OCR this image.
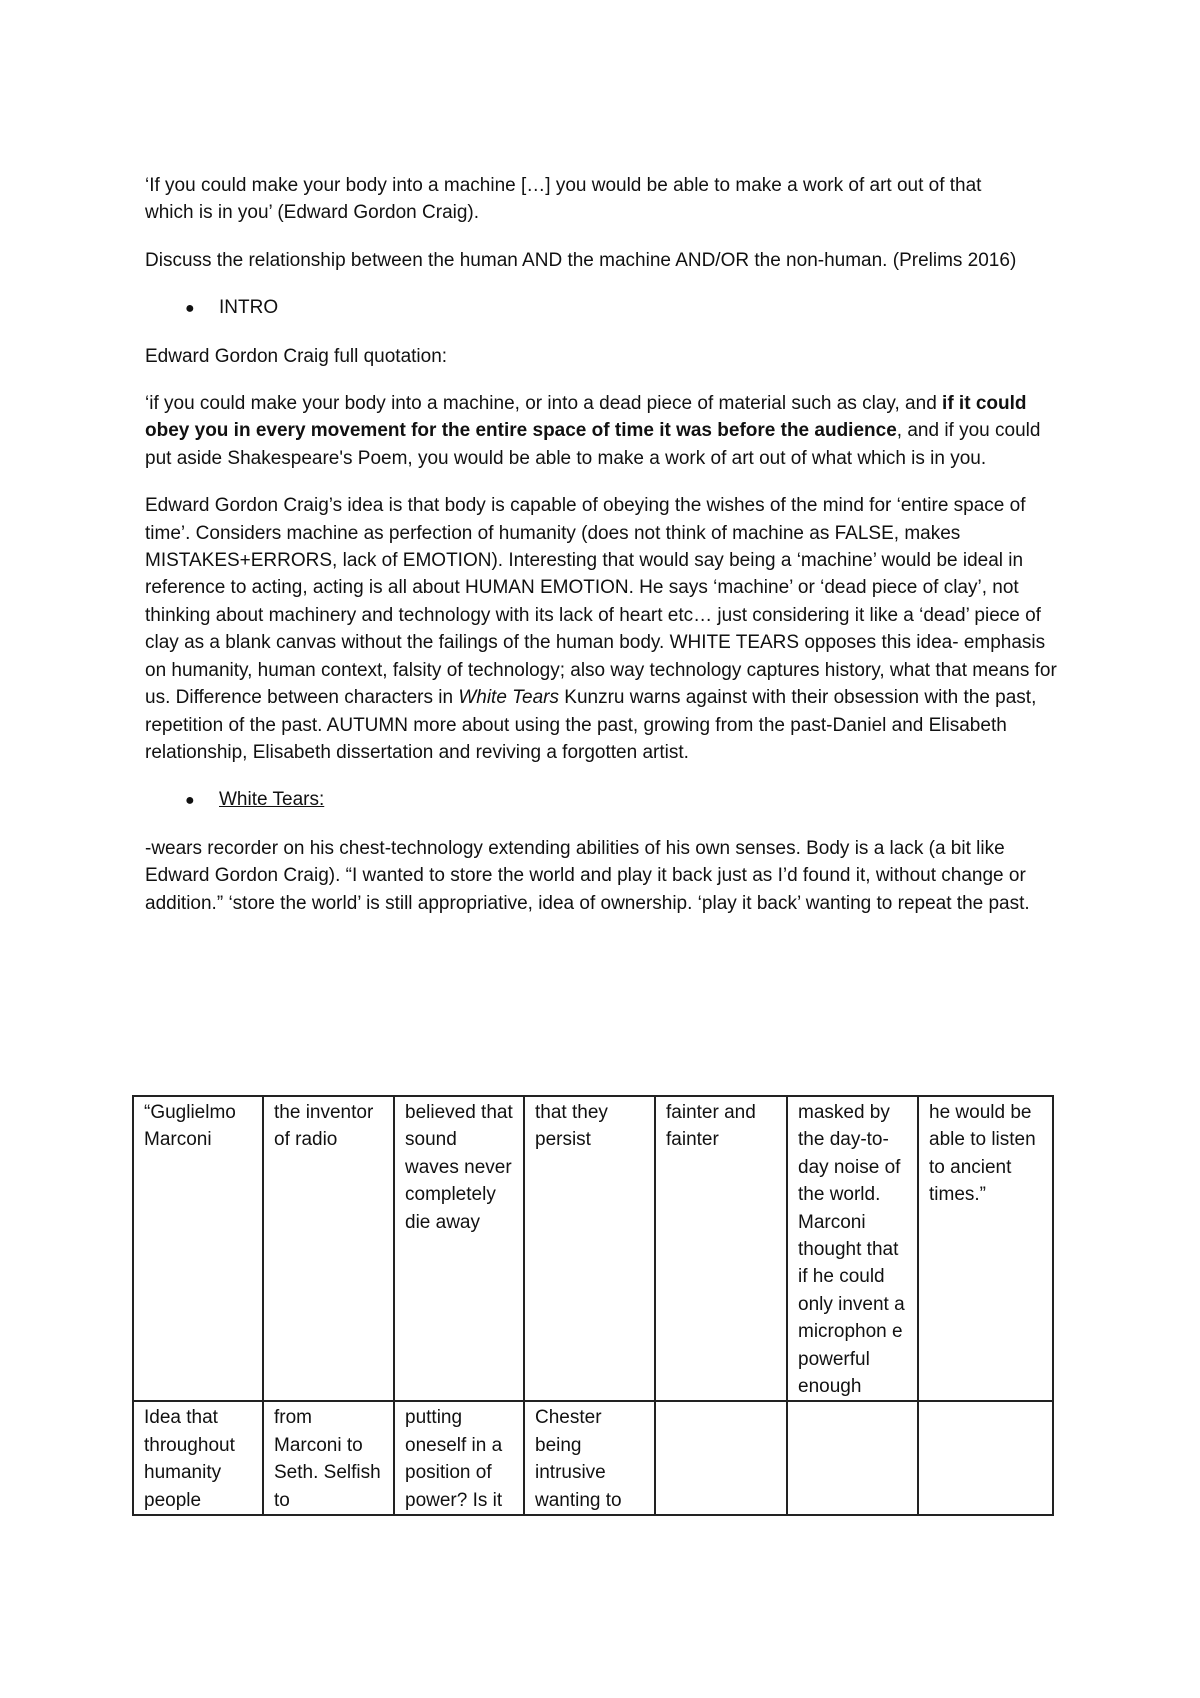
‘If you could make your body into a machine […] you would be able to make a work of art out of that
which is in you’ (Edward Gordon Craig).

Discuss the relationship between the human AND the machine AND/OR the non-human. (Prelims 2016)

●	INTRO

Edward Gordon Craig full quotation:

‘if you could make your body into a machine, or into a dead piece of material such as clay, and if it could obey you in every movement for the entire space of time it was before the audience, and if you could put aside Shakespeare's Poem, you would be able to make a work of art out of what which is in you.

Edward Gordon Craig’s idea is that body is capable of obeying the wishes of the mind for ‘entire space of time’. Considers machine as perfection of humanity (does not think of machine as FALSE, makes MISTAKES+ERRORS, lack of EMOTION). Interesting that would say being a ‘machine’ would be ideal in reference to acting, acting is all about HUMAN EMOTION. He says ‘machine’ or ‘dead piece of clay’, not thinking about machinery and technology with its lack of heart etc… just considering it like a ‘dead’ piece of clay as a blank canvas without the failings of the human body. WHITE TEARS opposes this idea- emphasis on humanity, human context, falsity of technology; also way technology captures history, what that means for us. Difference between characters in White Tears Kunzru warns against with their obsession with the past, repetition of the past. AUTUMN more about using the past, growing from the past-Daniel and Elisabeth relationship, Elisabeth dissertation and reviving a forgotten artist.

●	White Tears:

-wears recorder on his chest-technology extending abilities of his own senses. Body is a lack (a bit like Edward Gordon Craig). “I wanted to store the world and play it back just as I’d found it, without change or addition.” ‘store the world’ is still appropriative, idea of ownership. ‘play it back’ wanting to repeat the past.

“Guglielmo Marconi	the inventor of radio	believed that sound waves never completely die away	that they persist	fainter and fainter	masked by the day-to-day noise of the world. Marconi thought that if he could only invent a microphon e powerful enough	he would be able to listen to ancient times.”
Idea that throughout humanity people	from Marconi to Seth. Selfish to	putting oneself in a position of power? Is it	Chester being intrusive wanting to			
